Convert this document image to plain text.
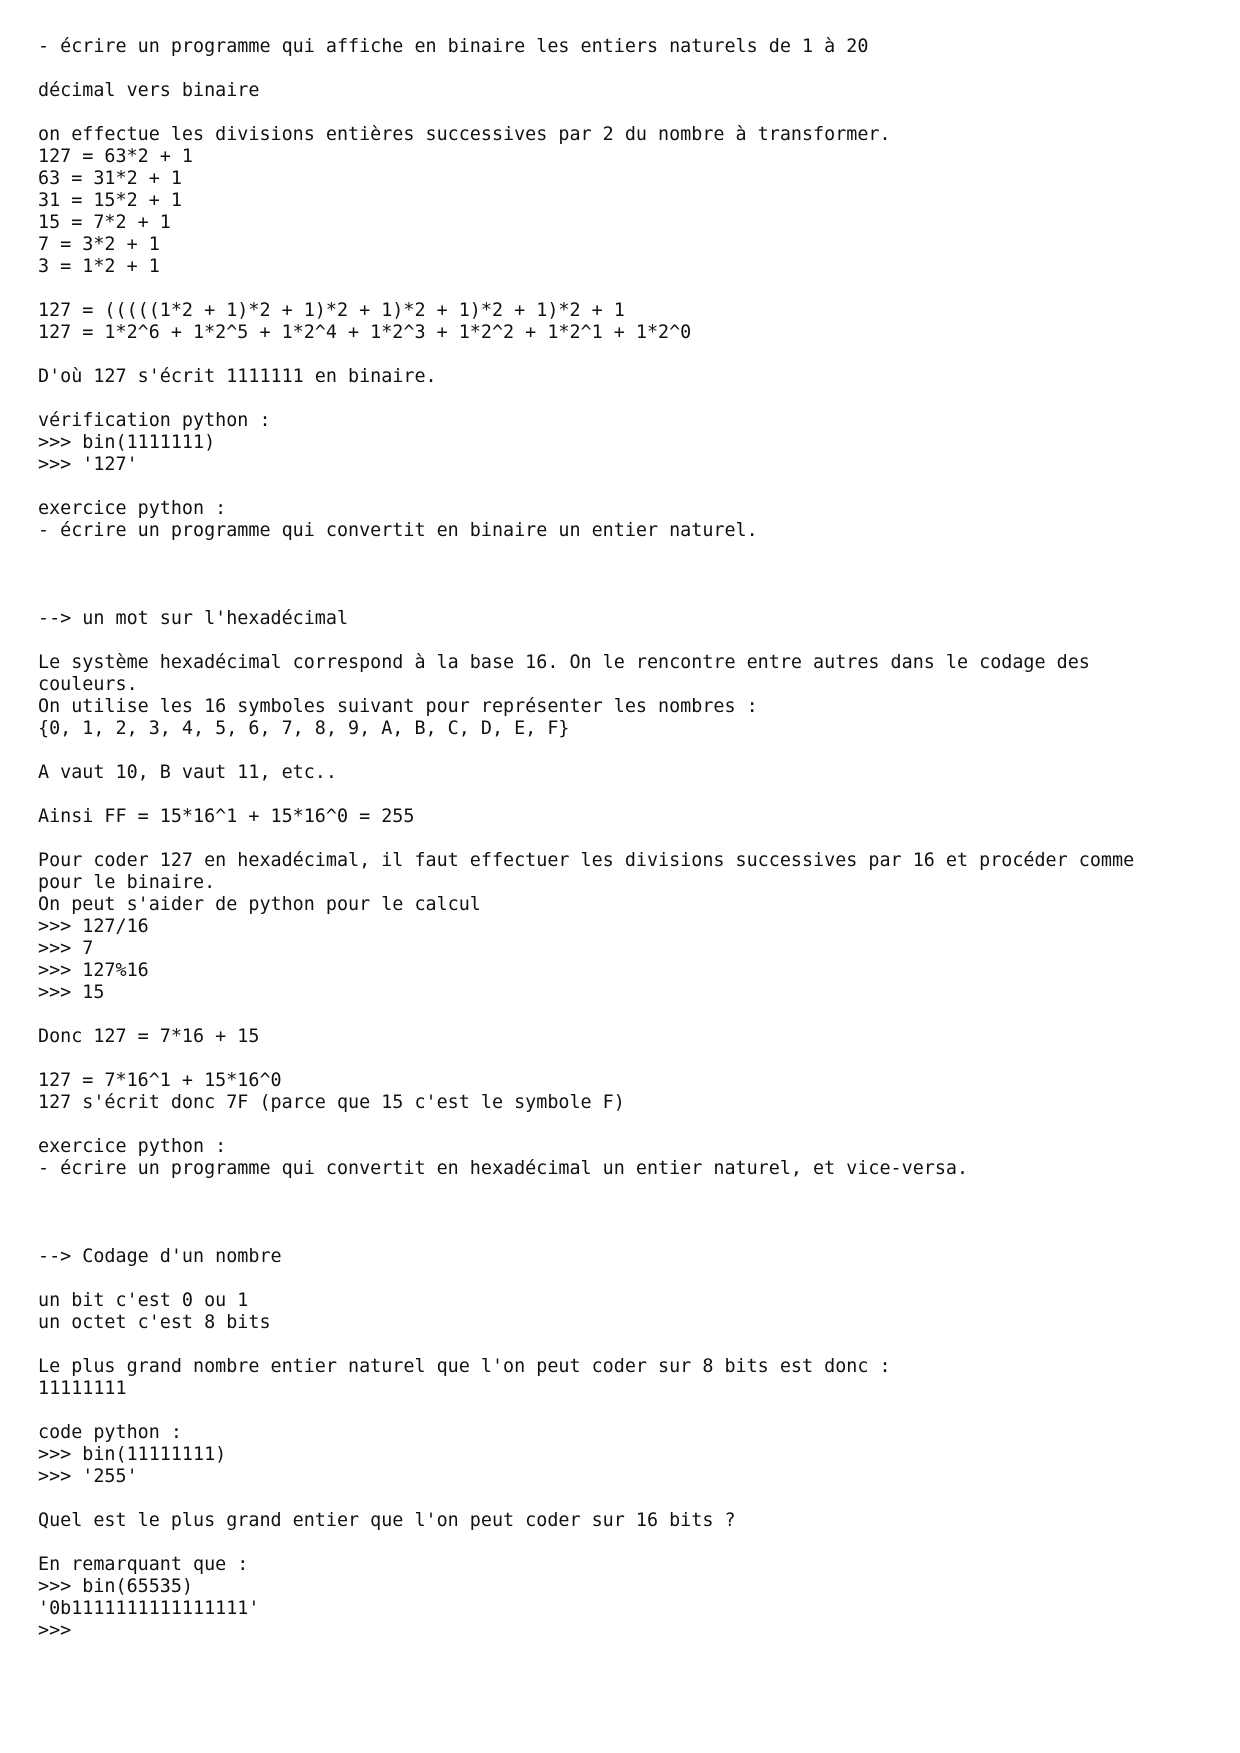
- écrire un programme qui affiche en binaire les entiers naturels de 1 à 20
décimal vers binaire
on effectue les divisions entières successives par 2 du nombre à transformer.
127 = 63*2 + 1
63 = 31*2 + 1
31 = 15*2 + 1
15 = 7*2 + 1
7 = 3*2 + 1
3 = 1*2 + 1
127 = (((((1*2 + 1)*2 + 1)*2 + 1)*2 + 1)*2 + 1)*2 + 1
127 = 1*2^6 + 1*2^5 + 1*2^4 + 1*2^3 + 1*2^2 + 1*2^1 + 1*2^0
D'où 127 s'écrit 1111111 en binaire.
vérification python :
>>> bin(1111111)
>>> '127'
exercice python :
- écrire un programme qui convertit en binaire un entier naturel.
--> un mot sur l'hexadécimal
Le système hexadécimal correspond à la base 16. On le rencontre entre autres dans le codage des
couleurs.
On utilise les 16 symboles suivant pour représenter les nombres :
{0, 1, 2, 3, 4, 5, 6, 7, 8, 9, A, B, C, D, E, F}
A vaut 10, B vaut 11, etc..
Ainsi FF = 15*16^1 + 15*16^0 = 255
Pour coder 127 en hexadécimal, il faut effectuer les divisions successives par 16 et procéder comme
pour le binaire.
On peut s'aider de python pour le calcul
>>> 127/16
>>> 7
>>> 127%16
>>> 15
Donc 127 = 7*16 + 15
127 = 7*16^1 + 15*16^0
127 s'écrit donc 7F (parce que 15 c'est le symbole F)
exercice python :
- écrire un programme qui convertit en hexadécimal un entier naturel, et vice-versa.
--> Codage d'un nombre
un bit c'est 0 ou 1
un octet c'est 8 bits
Le plus grand nombre entier naturel que l'on peut coder sur 8 bits est donc :
11111111
code python :
>>> bin(11111111)
>>> '255'
Quel est le plus grand entier que l'on peut coder sur 16 bits ?
En remarquant que :
>>> bin(65535)
'0b1111111111111111'
>>>
